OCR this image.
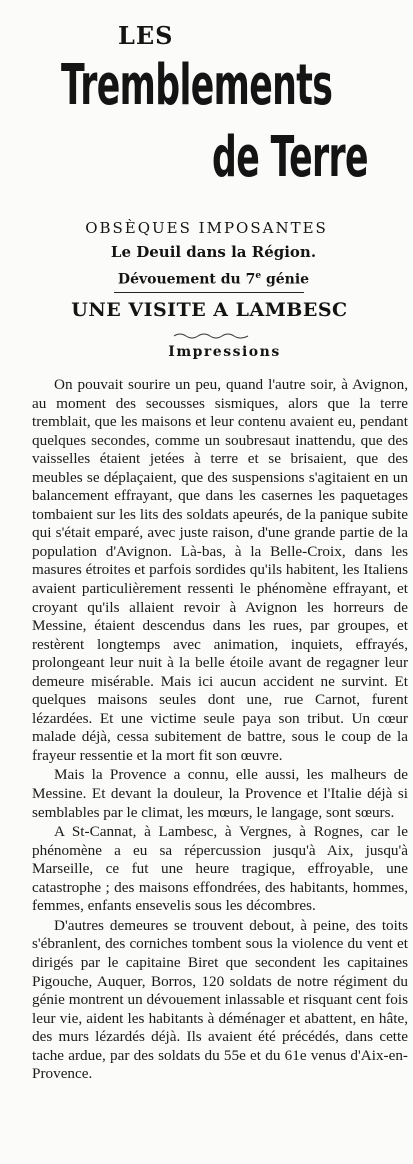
LES
Tremblements
de Terre
OBSÈQUES IMPOSANTES
Le Deuil dans la Région.
Dévouement du 7e génie
UNE VISITE A LAMBESC
Impressions

On pouvait sourire un peu, quand l'autre soir, à Avignon, au moment des secousses sismiques, alors que la terre tremblait, que les maisons et leur contenu avaient eu, pendant quelques secondes, comme un soubresaut inattendu, que des vaisselles étaient jetées à terre et se brisaient, que des meubles se déplaçaient, que des suspensions s'agitaient en un balancement effrayant, que dans les casernes les paquetages tombaient sur les lits des soldats apeurés, de la panique subite qui s'était emparé, avec juste raison, d'une grande partie de la population d'Avignon. Là-bas, à la Belle-Croix, dans les masures étroites et parfois sordides qu'ils habitent, les Italiens avaient particulièrement ressenti le phénomène effrayant, et croyant qu'ils allaient revoir à Avignon les horreurs de Messine, étaient descendus dans les rues, par groupes, et restèrent longtemps avec animation, inquiets, effrayés, prolongeant leur nuit à la belle étoile avant de regagner leur demeure misérable. Mais ici aucun accident ne survint. Et quelques maisons seules dont une, rue Carnot, furent lézardées. Et une victime seule paya son tribut. Un cœur malade déjà, cessa subitement de battre, sous le coup de la frayeur ressentie et la mort fit son œuvre.

Mais la Provence a connu, elle aussi, les malheurs de Messine. Et devant la douleur, la Provence et l'Italie déjà si semblables par le climat, les mœurs, le langage, sont sœurs.

A St-Cannat, à Lambesc, à Vergnes, à Rognes, car le phénomène a eu sa répercussion jusqu'à Aix, jusqu'à Marseille, ce fut une heure tragique, effroyable, une catastrophe ; des maisons effondrées, des habitants, hommes, femmes, enfants ensevelis sous les décombres.

D'autres demeures se trouvent debout, à peine, des toits s'ébranlent, des corniches tombent sous la violence du vent et dirigés par le capitaine Biret que secondent les capitaines Pigouche, Auquer, Borros, 120 soldats de notre régiment du génie montrent un dévouement inlassable et risquant cent fois leur vie, aident les habitants à déménager et abattent, en hâte, des murs lézardés déjà. Ils avaient été précédés, dans cette tache ardue, par des soldats du 55e et du 61e venus d'Aix-en-Provence.
